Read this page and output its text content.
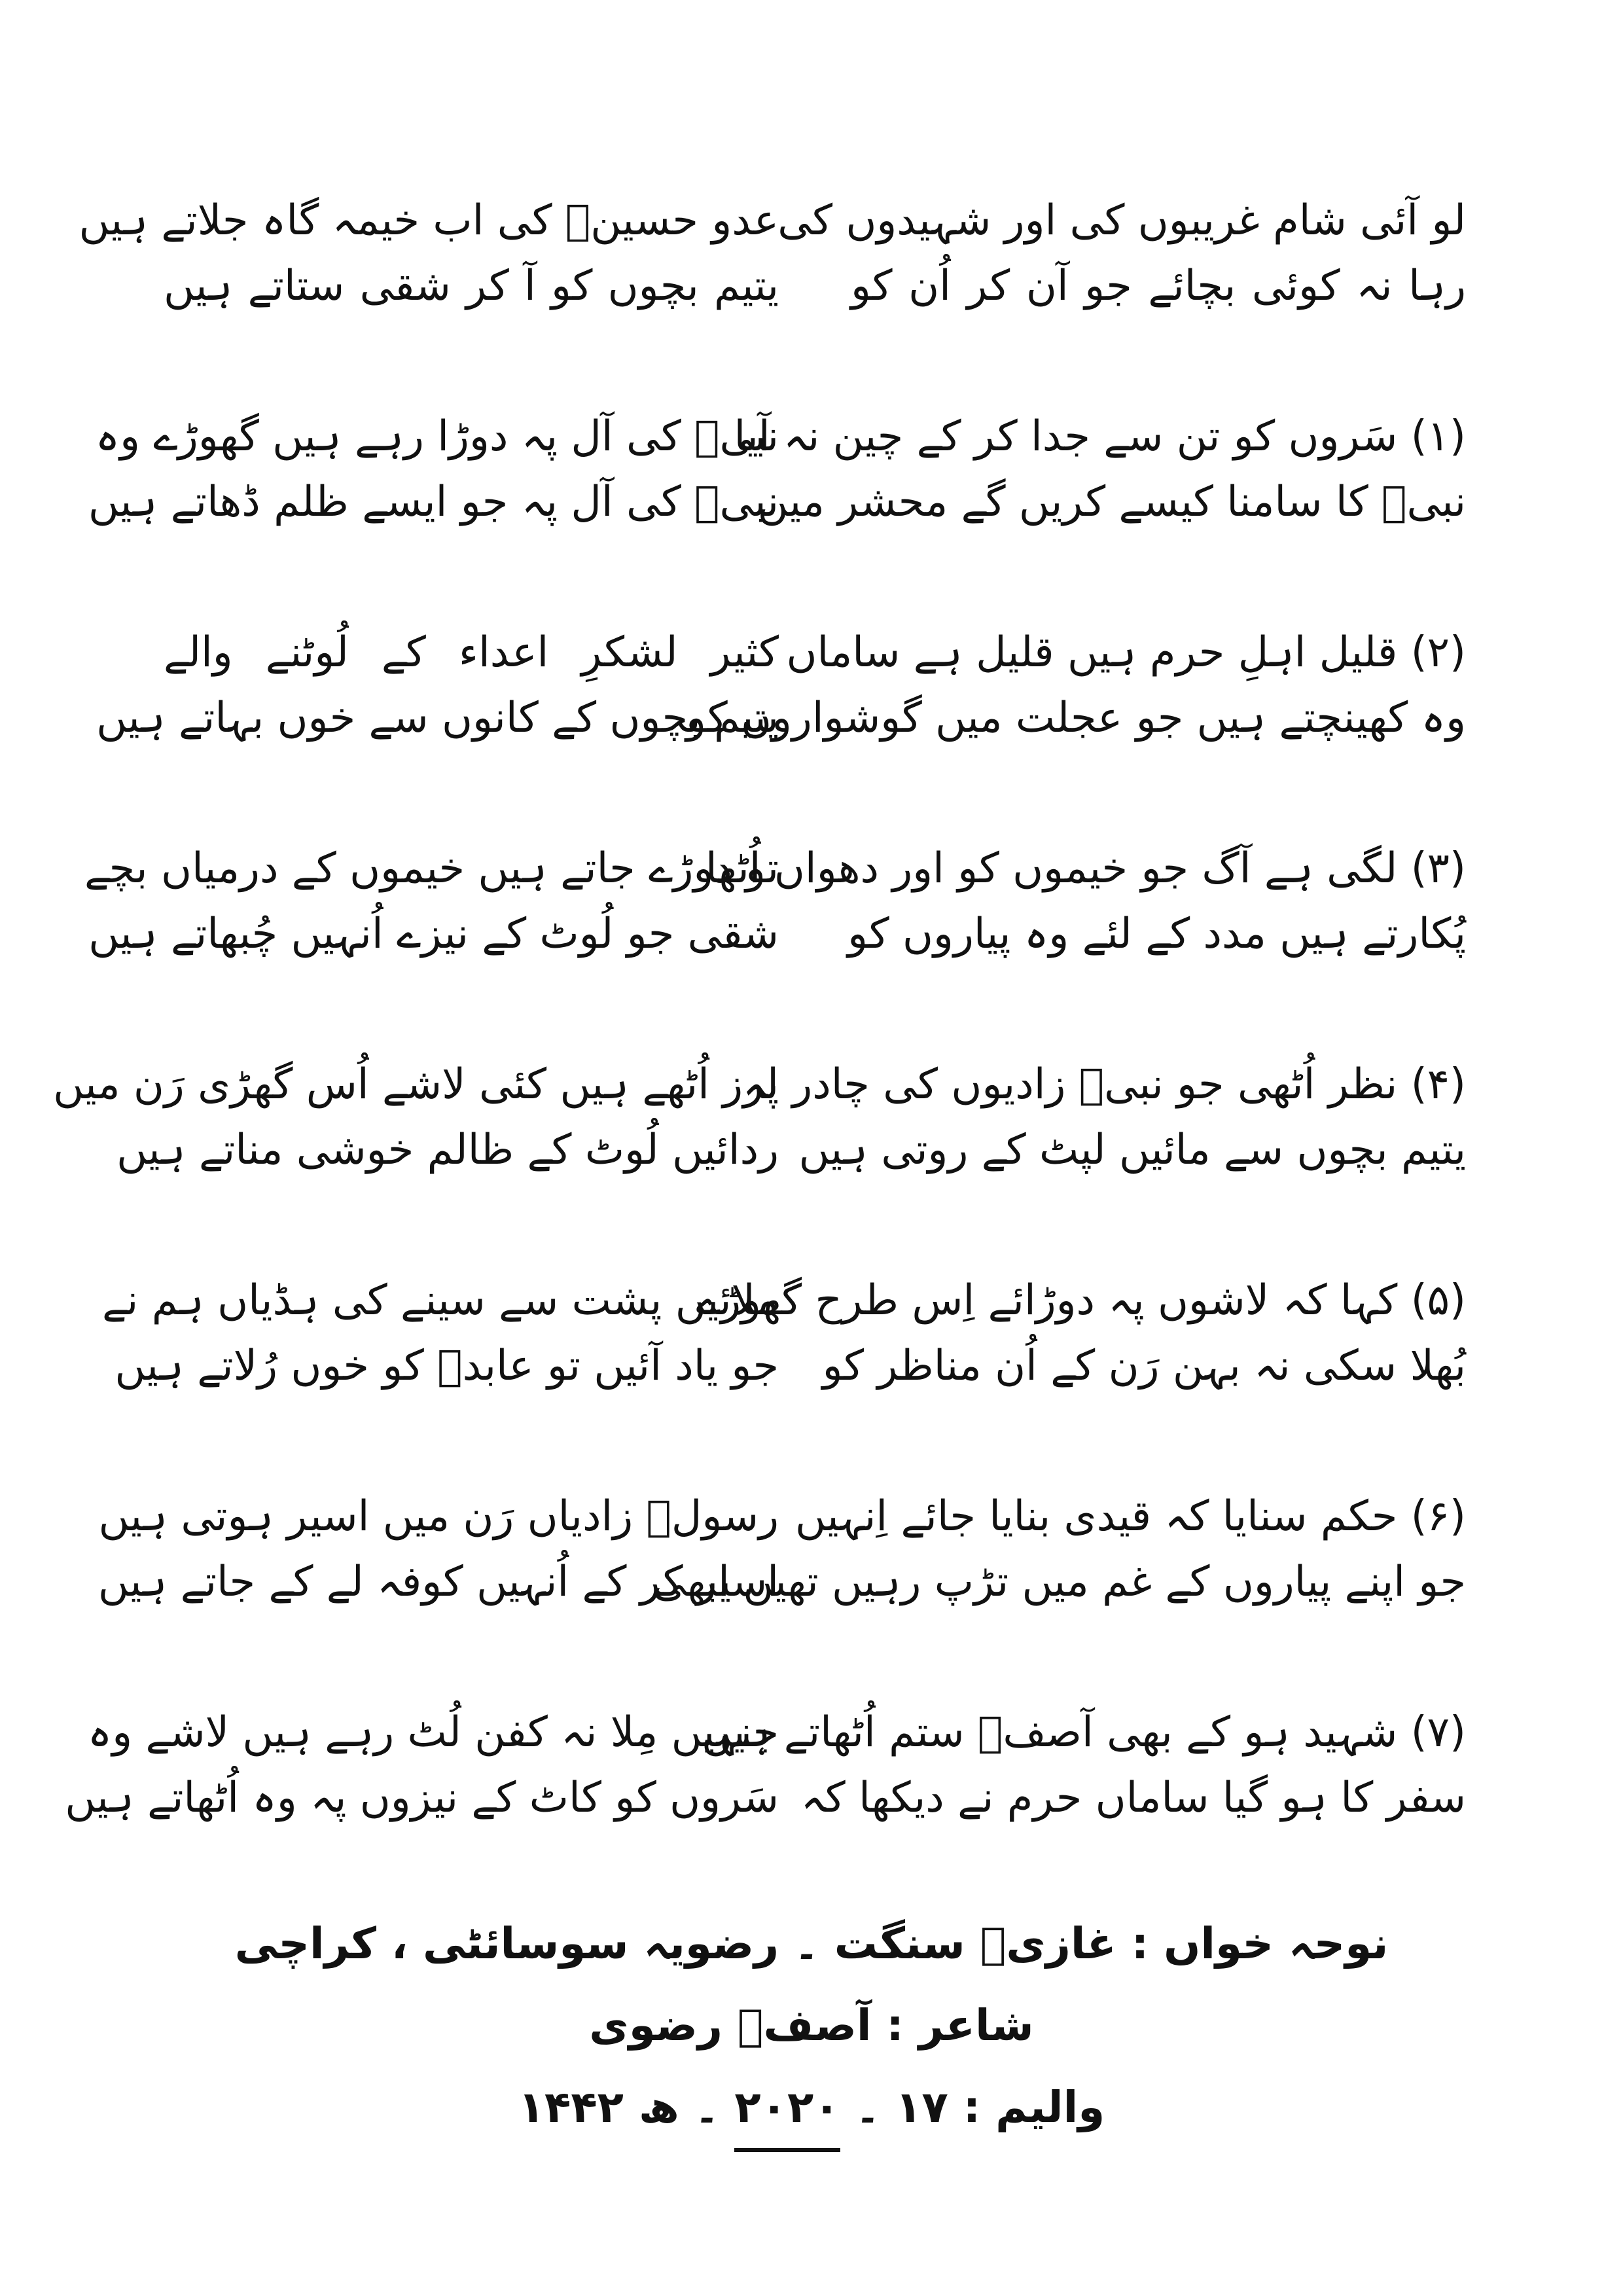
لو آئی شام غریبوں کی اور شہیدوں کی
رہا نہ کوئی بچائے جو آن کر اُن کو
عدو حسینؑ کی اب خیمہ گاہ جلاتے ہیں
یتیم بچوں کو آ کر شقی ستاتے ہیں
(۱) سَروں کو تن سے جدا کر کے چین نہ آیا
نبیؐ کا سامنا کیسے کریں گے محشر میں
نبیؐ کی آل پہ دوڑا رہے ہیں گھوڑے وہ
نبیؐ کی آل پہ جو ایسے ظلم ڈھاتے ہیں
(۲) قلیل اہلِ حرم ہیں قلیل ہے ساماں
وہ کھینچتے ہیں جو عجلت میں گوشواروں کو
کثیر لشکرِ اعداء کے لُوٹنے والے
یتیم بچوں کے کانوں سے خوں بہاتے ہیں
(۳) لگی ہے آگ جو خیموں کو اور دھواں اُٹھا
پُکارتے ہیں مدد کے لئے وہ پیاروں کو
تو دوڑے جاتے ہیں خیموں کے درمیاں بچے
شقی جو لُوٹ کے نیزے اُنہیں چُبھاتے ہیں
(۴) نظر اُٹھی جو نبیؐ زادیوں کی چادر پہ
یتیم بچوں سے مائیں لپٹ کے روتی ہیں
لرز اُٹھے ہیں کئی لاشے اُس گھڑی رَن میں
ردائیں لُوٹ کے ظالم خوشی مناتے ہیں
(۵) کہا کہ لاشوں پہ دوڑائے اِس طرح گھوڑے
بُھلا سکی نہ بہن رَن کے اُن مناظر کو
ملائیں پشت سے سینے کی ہڈیاں ہم نے
جو یاد آئیں تو عابدؑ کو خوں رُلاتے ہیں
(۶) حکم سنایا کہ قیدی بنایا جائے اِنہیں
جو اپنے پیاروں کے غم میں تڑپ رہیں تھیں ابھی
رسولؐ زادیاں رَن میں اسیر ہوتی ہیں
اسیر کر کے اُنہیں کوفہ لے کے جاتے ہیں
(۷) شہید ہو کے بھی آصفؔ ستم اُٹھاتے ہیں
سفر کا ہو گیا ساماں حرم نے دیکھا کہ
جنہیں مِلا نہ کفن لُٹ رہے ہیں لاشے وہ
سَروں کو کاٹ کے نیزوں پہ وہ اُٹھاتے ہیں
نوحہ خواں : غازیؑ سنگت ۔ رضویہ سوسائٹی ، کراچی
شاعر : آصفؔ رضوی
والیم : ۱۷ ۔ ۲۰۲۰ ۔ ھ ۱۴۴۲
